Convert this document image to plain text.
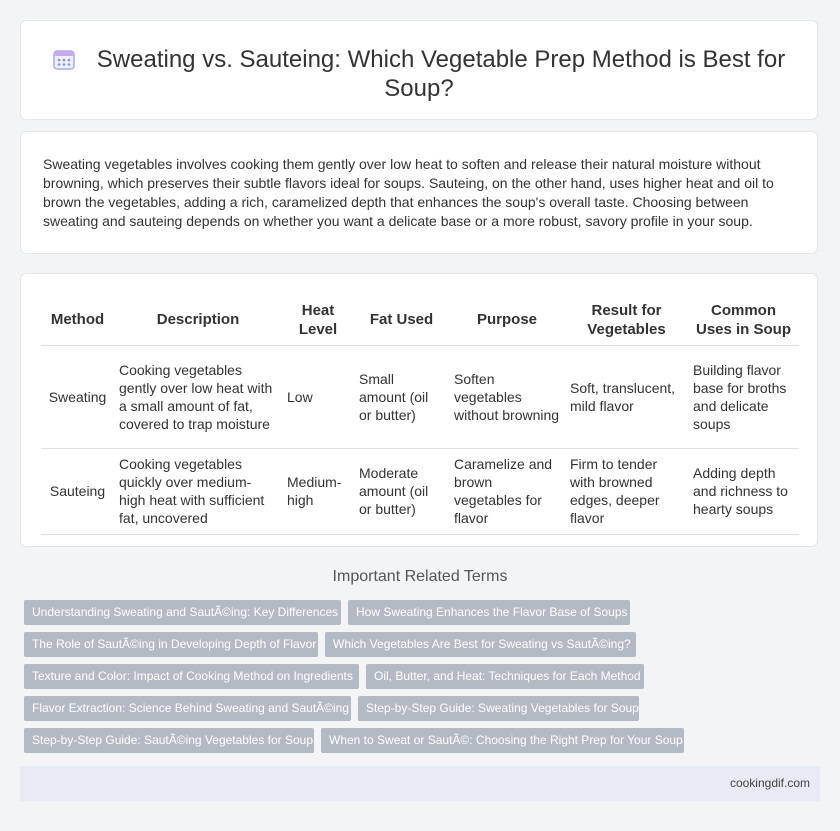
Sweating vs. Sauteing: Which Vegetable Prep Method is Best for Soup?
Sweating vegetables involves cooking them gently over low heat to soften and release their natural moisture without browning, which preserves their subtle flavors ideal for soups. Sauteing, on the other hand, uses higher heat and oil to brown the vegetables, adding a rich, caramelized depth that enhances the soup's overall taste. Choosing between sweating and sauteing depends on whether you want a delicate base or a more robust, savory profile in your soup.
Method	Description	Heat Level	Fat Used	Purpose	Result for Vegetables	Common Uses in Soup
Sweating	Cooking vegetables gently over low heat with a small amount of fat, covered to trap moisture	Low	Small amount (oil or butter)	Soften vegetables without browning	Soft, translucent, mild flavor	Building flavor base for broths and delicate soups
Sauteing	Cooking vegetables quickly over medium-high heat with sufficient fat, uncovered	Medium-high	Moderate amount (oil or butter)	Caramelize and brown vegetables for flavor	Firm to tender with browned edges, deeper flavor	Adding depth and richness to hearty soups
Important Related Terms
Understanding Sweating and SautÃ©ing: Key Differences	How Sweating Enhances the Flavor Base of Soups
The Role of SautÃ©ing in Developing Depth of Flavor	Which Vegetables Are Best for Sweating vs SautÃ©ing?
Texture and Color: Impact of Cooking Method on Ingredients	Oil, Butter, and Heat: Techniques for Each Method
Flavor Extraction: Science Behind Sweating and SautÃ©ing	Step-by-Step Guide: Sweating Vegetables for Soup
Step-by-Step Guide: SautÃ©ing Vegetables for Soup	When to Sweat or SautÃ©: Choosing the Right Prep for Your Soup
cookingdif.com
